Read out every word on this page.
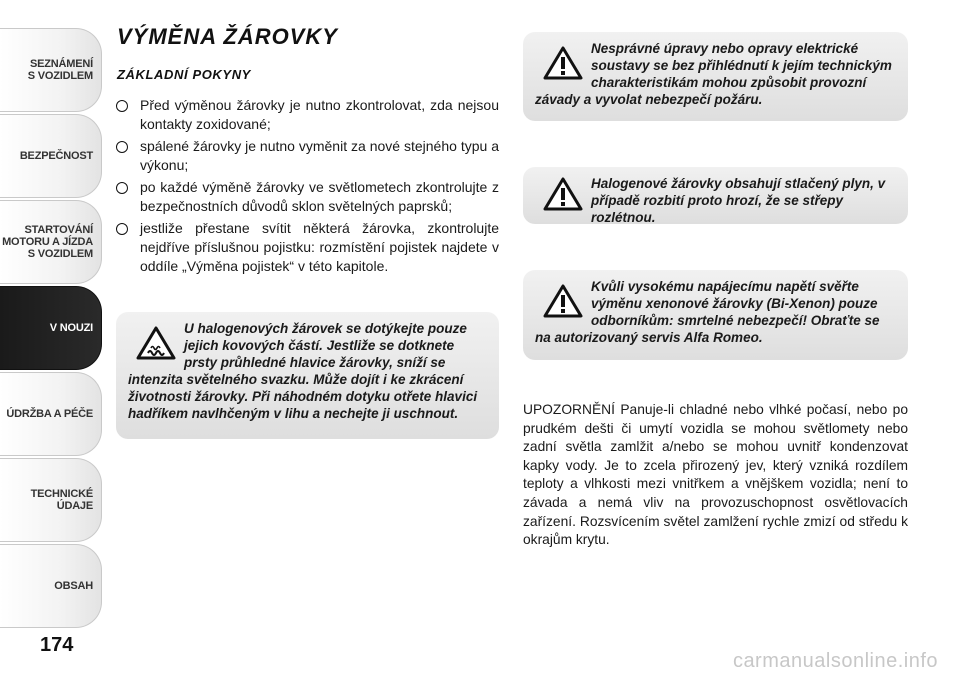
SEZNÁMENÍ
S VOZIDLEM
BEZPEČNOST
STARTOVÁNÍ
MOTORU A JÍZDA
S VOZIDLEM
V NOUZI
ÚDRŽBA A PÉČE
TECHNICKÉ
ÚDAJE
OBSAH
174
VÝMĚNA ŽÁROVKY
ZÁKLADNÍ POKYNY
Před výměnou žárovky je nutno zkontrolovat, zda nejsou kontakty zoxidované;
spálené žárovky je nutno vyměnit za nové stejného typu a výkonu;
po každé výměně žárovky ve světlometech zkontrolujte z bezpečnostních důvodů sklon světelných paprsků;
jestliže přestane svítit některá žárovka, zkontrolujte nejdříve příslušnou pojistku: rozmístění pojistek najdete v oddíle „Výměna pojistek“ v této kapitole.
U halogenových žárovek se dotýkejte pouze jejich kovových částí. Jestliže se dotknete prsty průhledné hlavice žárovky, sníží se intenzita světelného svazku. Může dojít i ke zkrácení životnosti žárovky. Při náhodném dotyku otřete hlavici hadříkem navlhčeným v lihu a nechejte ji uschnout.
Nesprávné úpravy nebo opravy elektrické soustavy se bez přihlédnutí k jejím technickým charakteristikám mohou způsobit provozní závady a vyvolat nebezpečí požáru.
Halogenové žárovky obsahují stlačený plyn, v případě rozbití proto hrozí, že se střepy rozlétnou.
Kvůli vysokému napájecímu napětí svěřte výměnu xenonové žárovky (Bi-Xenon) pouze odborníkům: smrtelné nebezpečí! Obraťte se na autorizovaný servis Alfa Romeo.

UPOZORNĚNÍ Panuje-li chladné nebo vlhké počasí, nebo po prudkém dešti či umytí vozidla se mohou světlomety nebo zadní světla zamlžit a/nebo se mohou uvnitř kondenzovat kapky vody. Je to zcela přirozený jev, který vzniká rozdílem teploty a vlhkosti mezi vnitřkem a vnějškem vozidla; není to závada a nemá vliv na provozuschopnost osvětlovacích zařízení. Rozsvícením světel zamlžení rychle zmizí od středu k okrajům krytu.

carmanualsonline.info
